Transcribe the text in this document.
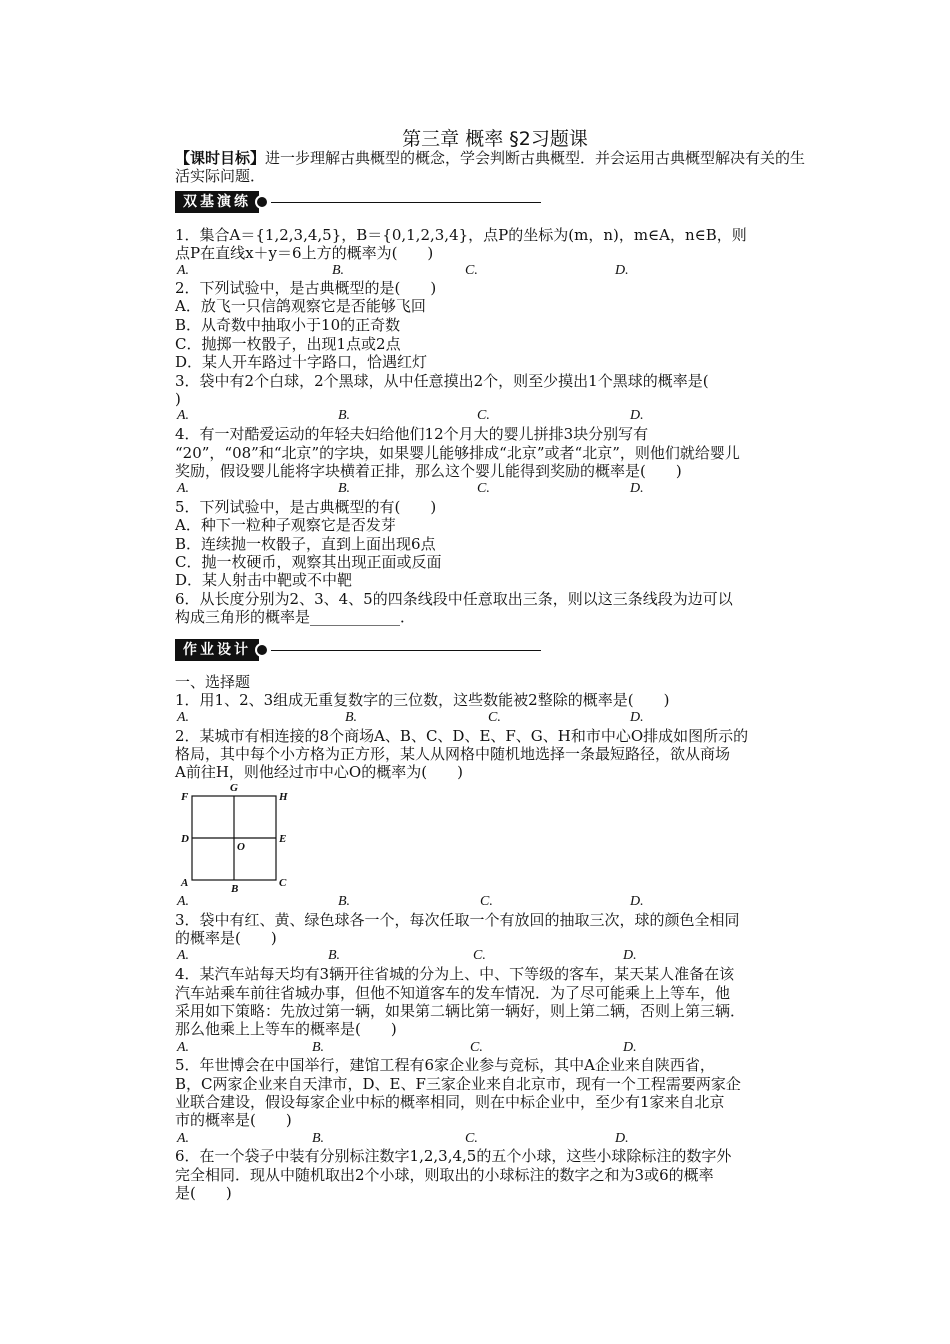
第三章 概率 §2习题课
【课时目标】进一步理解古典概型的概念，学会判断古典概型．并会运用古典概型解决有关的生活实际问题．
双基演练
1．集合A＝{1,2,3,4,5}，B＝{0,1,2,3,4}，点P的坐标为(m，n)，m∈A，n∈B，则
点P在直线x＋y＝6上方的概率为(　　)
A.	B.	C.	D.
2．下列试验中，是古典概型的是(　　)
A．放飞一只信鸽观察它是否能够飞回
B．从奇数中抽取小于10的正奇数
C．抛掷一枚骰子，出现1点或2点
D．某人开车路过十字路口，恰遇红灯
3．袋中有2个白球，2个黑球，从中任意摸出2个，则至少摸出1个黑球的概率是(
)
A.	B.	C.	D.
4．有一对酷爱运动的年轻夫妇给他们12个月大的婴儿拼排3块分别写有
“20”，“08”和“北京”的字块，如果婴儿能够排成“北京”或者“北京”，则他们就给婴儿
奖励，假设婴儿能将字块横着正排，那么这个婴儿能得到奖励的概率是(　　)
A.	B.	C.	D.
5．下列试验中，是古典概型的有(　　)
A．种下一粒种子观察它是否发芽
B．连续抛一枚骰子，直到上面出现6点
C．抛一枚硬币，观察其出现正面或反面
D．某人射击中靶或不中靶
6．从长度分别为2、3、4、5的四条线段中任意取出三条，则以这三条线段为边可以
构成三角形的概率是____________．
作业设计
一、选择题
1．用1、2、3组成无重复数字的三位数，这些数能被2整除的概率是(　　)
A.	B.	C.	D.
2．某城市有相连接的8个商场A、B、C、D、E、F、G、H和市中心O排成如图所示的
格局，其中每个小方格为正方形，某人从网格中随机地选择一条最短路径，欲从商场
A前往H，则他经过市中心O的概率为(　　)
F
G
H
D
O
E
A	B	C
A.	B.	C.	D.
3．袋中有红、黄、绿色球各一个，每次任取一个有放回的抽取三次，球的颜色全相同
的概率是(　　)
A.	B.	C.	D.
4．某汽车站每天均有3辆开往省城的分为上、中、下等级的客车，某天某人准备在该
汽车站乘车前往省城办事，但他不知道客车的发车情况．为了尽可能乘上上等车，他
采用如下策略：先放过第一辆，如果第二辆比第一辆好，则上第二辆，否则上第三辆．
那么他乘上上等车的概率是(　　)
A.	B.	C.	D.
5．年世博会在中国举行，建馆工程有6家企业参与竞标，其中A企业来自陕西省，
B，C两家企业来自天津市，D、E、F三家企业来自北京市，现有一个工程需要两家企
业联合建设，假设每家企业中标的概率相同，则在中标企业中，至少有1家来自北京
市的概率是(　　)
A.	B.	C.	D.
6．在一个袋子中装有分别标注数字1,2,3,4,5的五个小球，这些小球除标注的数字外
完全相同．现从中随机取出2个小球，则取出的小球标注的数字之和为3或6的概率
是(　　)
